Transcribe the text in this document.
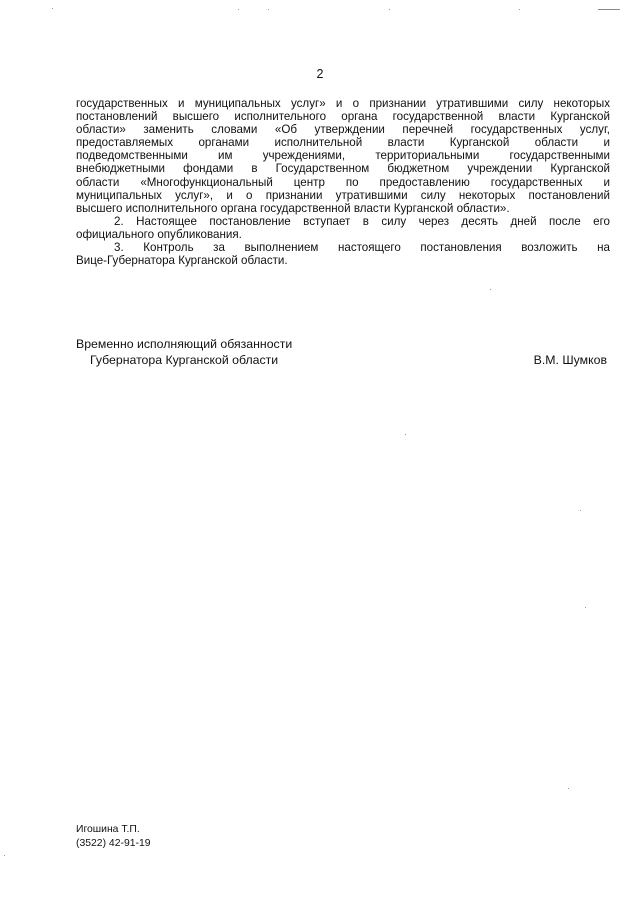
2
государственных и муниципальных услуг» и о признании утратившими силу некоторых
постановлений высшего исполнительного органа государственной власти Курганской
области» заменить словами «Об утверждении перечней государственных услуг,
предоставляемых органами исполнительной власти Курганской области и
подведомственными им учреждениями, территориальными государственными
внебюджетными фондами в Государственном бюджетном учреждении Курганской
области «Многофункциональный центр по предоставлению государственных и
муниципальных услуг», и о признании утратившими силу некоторых постановлений
высшего исполнительного органа государственной власти Курганской области».
2. Настоящее постановление вступает в силу через десять дней после его
официального опубликования.
3. Контроль за выполнением настоящего постановления возложить на
Вице-Губернатора Курганской области.
Временно исполняющий обязанности
Губернатора Курганской области	В.М. Шумков
Игошина Т.П.
(3522) 42-91-19
